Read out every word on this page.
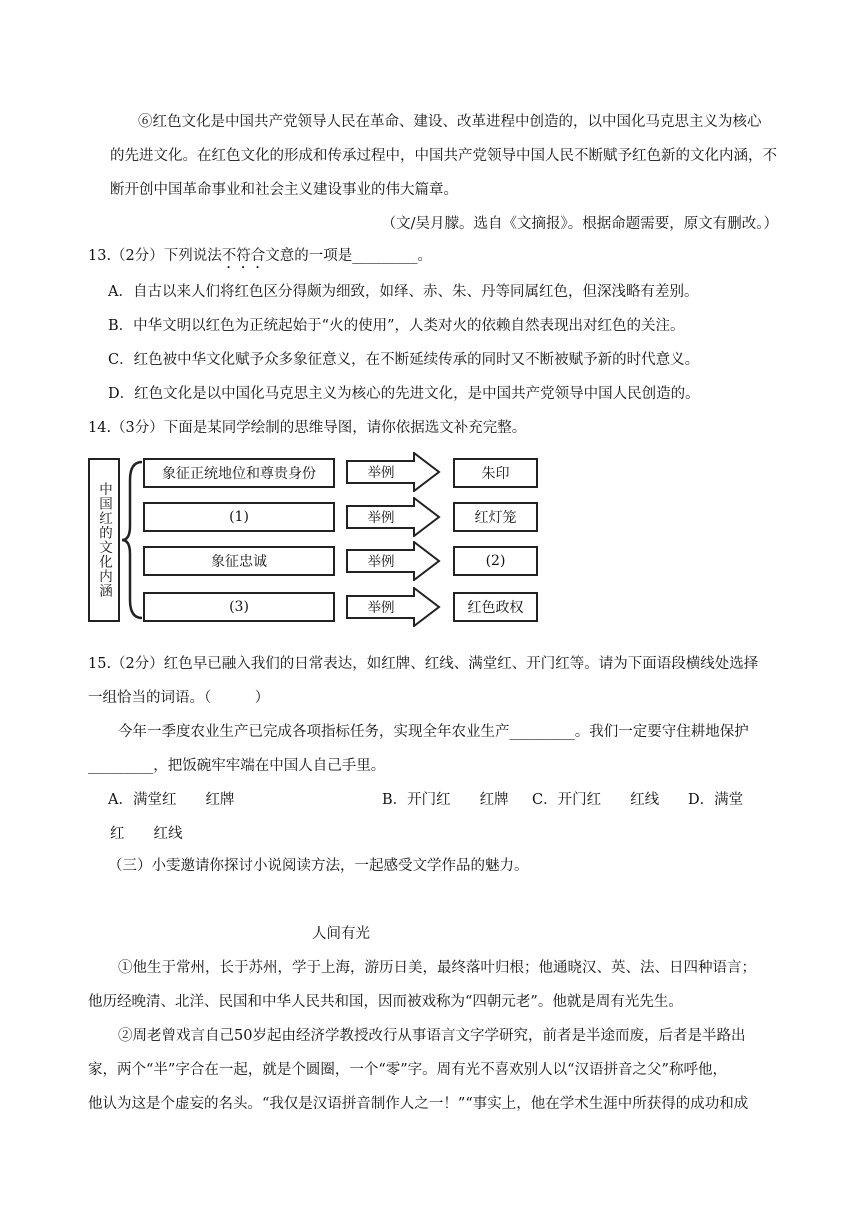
⑥红色文化是中国共产党领导人民在革命、建设、改革进程中创造的，以中国化马克思主义为核心
的先进文化。在红色文化的形成和传承过程中，中国共产党领导中国人民不断赋予红色新的文化内涵，不
断开创中国革命事业和社会主义建设事业的伟大篇章。
（文/吴月朦。选自《文摘报》。根据命题需要，原文有删改。）
13.（2分）下列说法不符合文意的一项是_________。
A．自古以来人们将红色区分得颇为细致，如绎、赤、朱、丹等同属红色，但深浅略有差别。
B．中华文明以红色为正统起始于“火的使用”，人类对火的依赖自然表现出对红色的关注。
C．红色被中华文化赋予众多象征意义，在不断延续传承的同时又不断被赋予新的时代意义。
D．红色文化是以中国化马克思主义为核心的先进文化，是中国共产党领导中国人民创造的。
14.（3分）下面是某同学绘制的思维导图，请你依据选文补充完整。
中国红的文化内涵
象征正统地位和尊贵身份	举例	朱印
(1)	举例	红灯笼
象征忠诚	举例	(2)
(3)	举例	红色政权
15.（2分）红色早已融入我们的日常表达，如红牌、红线、满堂红、开门红等。请为下面语段横线处选择
一组恰当的词语。（　　　）
今年一季度农业生产已完成各项指标任务，实现全年农业生产_________。我们一定要守住耕地保护
_________，把饭碗牢牢端在中国人自己手里。
A．满堂红　　红牌	B．开门红　　红牌 C．开门红　　红线 D．满堂
红　　红线
（三）小雯邀请你探讨小说阅读方法，一起感受文学作品的魅力。
人间有光
①他生于常州，长于苏州，学于上海，游历日美，最终落叶归根；他通晓汉、英、法、日四种语言；
他历经晚清、北洋、民国和中华人民共和国，因而被戏称为“四朝元老”。他就是周有光先生。
②周老曾戏言自己50岁起由经济学教授改行从事语言文字学研究，前者是半途而废，后者是半路出
家，两个“半”字合在一起，就是个圆圈，一个“零”字。周有光不喜欢别人以“汉语拼音之父”称呼他，
他认为这是个虚妄的名头。“我仅是汉语拼音制作人之一！”“事实上，他在学术生涯中所获得的成功和成
